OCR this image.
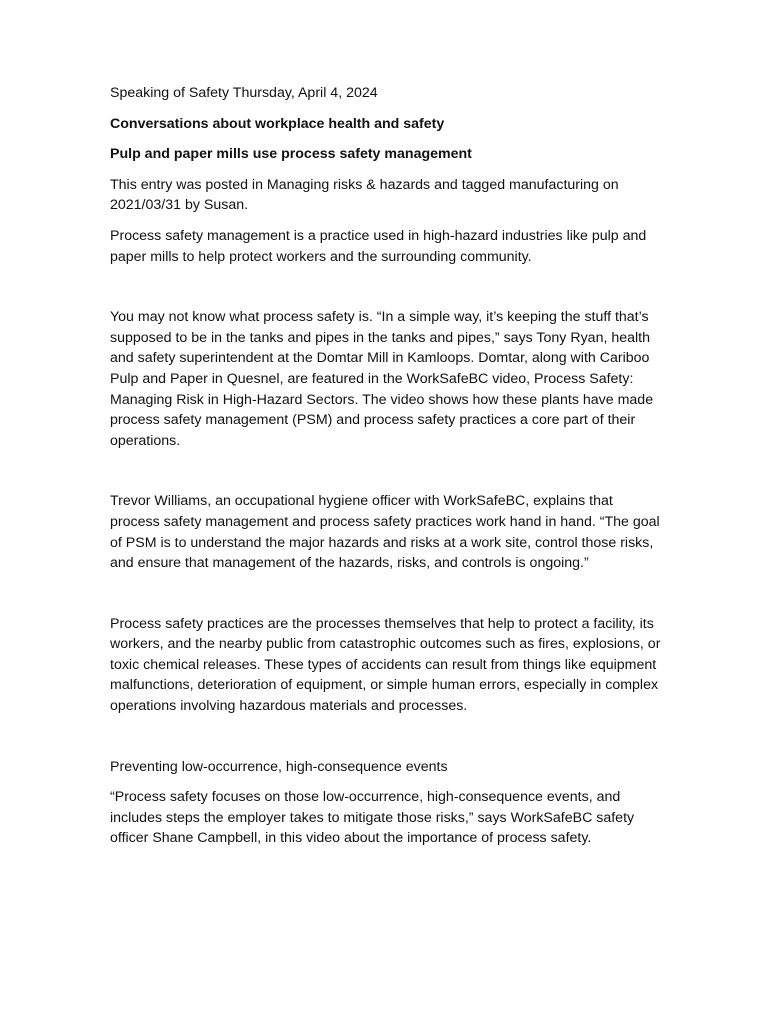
Speaking of Safety Thursday, April 4, 2024

Conversations about workplace health and safety

Pulp and paper mills use process safety management

This entry was posted in Managing risks & hazards and tagged manufacturing on 2021/03/31 by Susan.

Process safety management is a practice used in high-hazard industries like pulp and paper mills to help protect workers and the surrounding community.

You may not know what process safety is. “In a simple way, it’s keeping the stuff that’s supposed to be in the tanks and pipes in the tanks and pipes,” says Tony Ryan, health and safety superintendent at the Domtar Mill in Kamloops. Domtar, along with Cariboo Pulp and Paper in Quesnel, are featured in the WorkSafeBC video, Process Safety: Managing Risk in High-Hazard Sectors. The video shows how these plants have made process safety management (PSM) and process safety practices a core part of their operations.

Trevor Williams, an occupational hygiene officer with WorkSafeBC, explains that process safety management and process safety practices work hand in hand. “The goal of PSM is to understand the major hazards and risks at a work site, control those risks, and ensure that management of the hazards, risks, and controls is ongoing.”

Process safety practices are the processes themselves that help to protect a facility, its workers, and the nearby public from catastrophic outcomes such as fires, explosions, or toxic chemical releases. These types of accidents can result from things like equipment malfunctions, deterioration of equipment, or simple human errors, especially in complex operations involving hazardous materials and processes.

Preventing low-occurrence, high-consequence events

“Process safety focuses on those low-occurrence, high-consequence events, and includes steps the employer takes to mitigate those risks,” says WorkSafeBC safety officer Shane Campbell, in this video about the importance of process safety.
